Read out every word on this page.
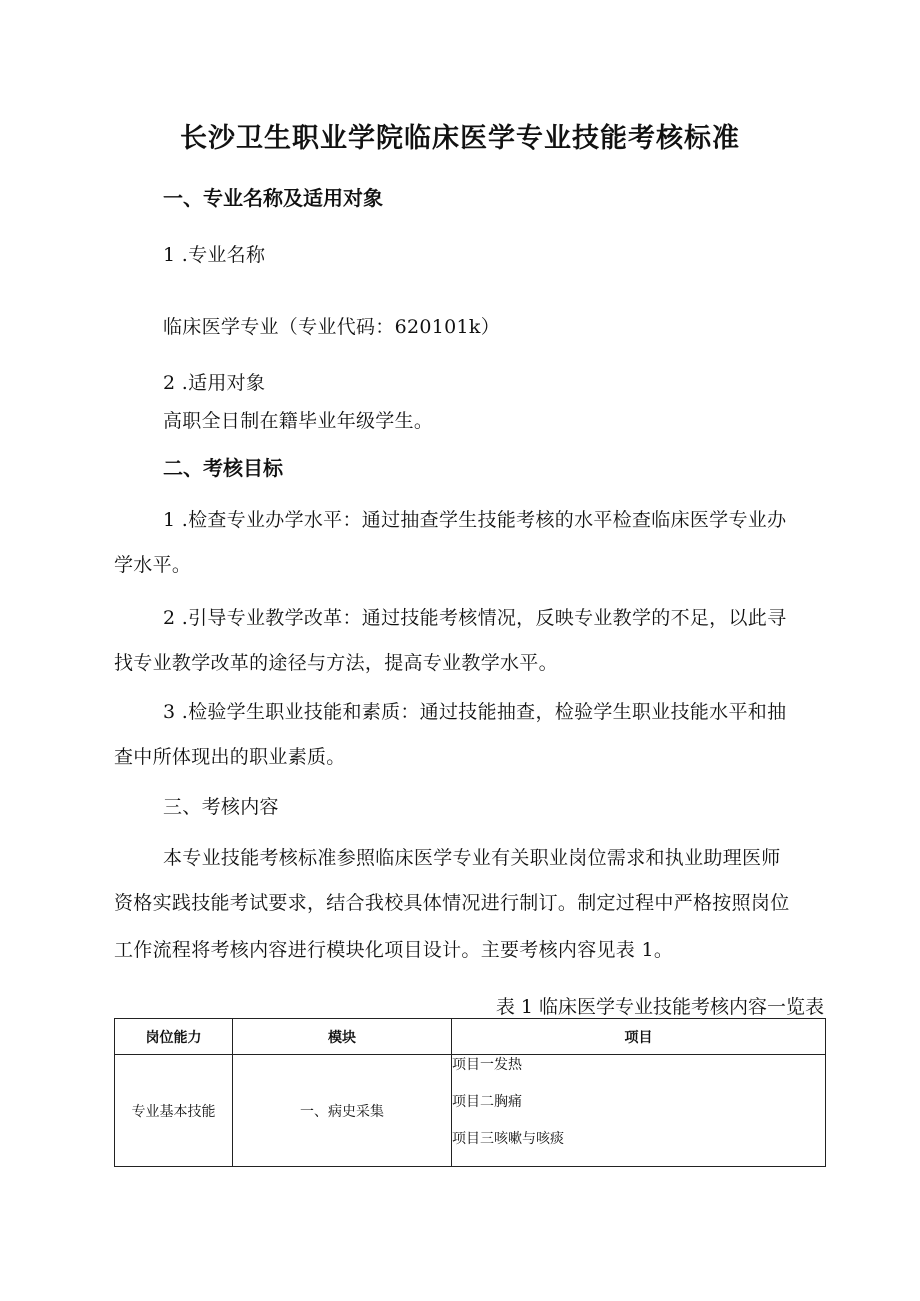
长沙卫生职业学院临床医学专业技能考核标准

一、专业名称及适用对象

1 .专业名称

临床医学专业（专业代码：620101k）

2 .适用对象

高职全日制在籍毕业年级学生。

二、考核目标

1 .检查专业办学水平：通过抽查学生技能考核的水平检查临床医学专业办

学水平。

2 .引导专业教学改革：通过技能考核情况，反映专业教学的不足，以此寻

找专业教学改革的途径与方法，提高专业教学水平。

3 .检验学生职业技能和素质：通过技能抽查，检验学生职业技能水平和抽

查中所体现出的职业素质。

三、考核内容

本专业技能考核标准参照临床医学专业有关职业岗位需求和执业助理医师

资格实践技能考试要求，结合我校具体情况进行制订。制定过程中严格按照岗位

工作流程将考核内容进行模块化项目设计。主要考核内容见表 1。

表 1 临床医学专业技能考核内容一览表

岗位能力	模块	项目
专业基本技能	一、病史采集	项目一发热
项目二胸痛
项目三咳嗽与咳痰
